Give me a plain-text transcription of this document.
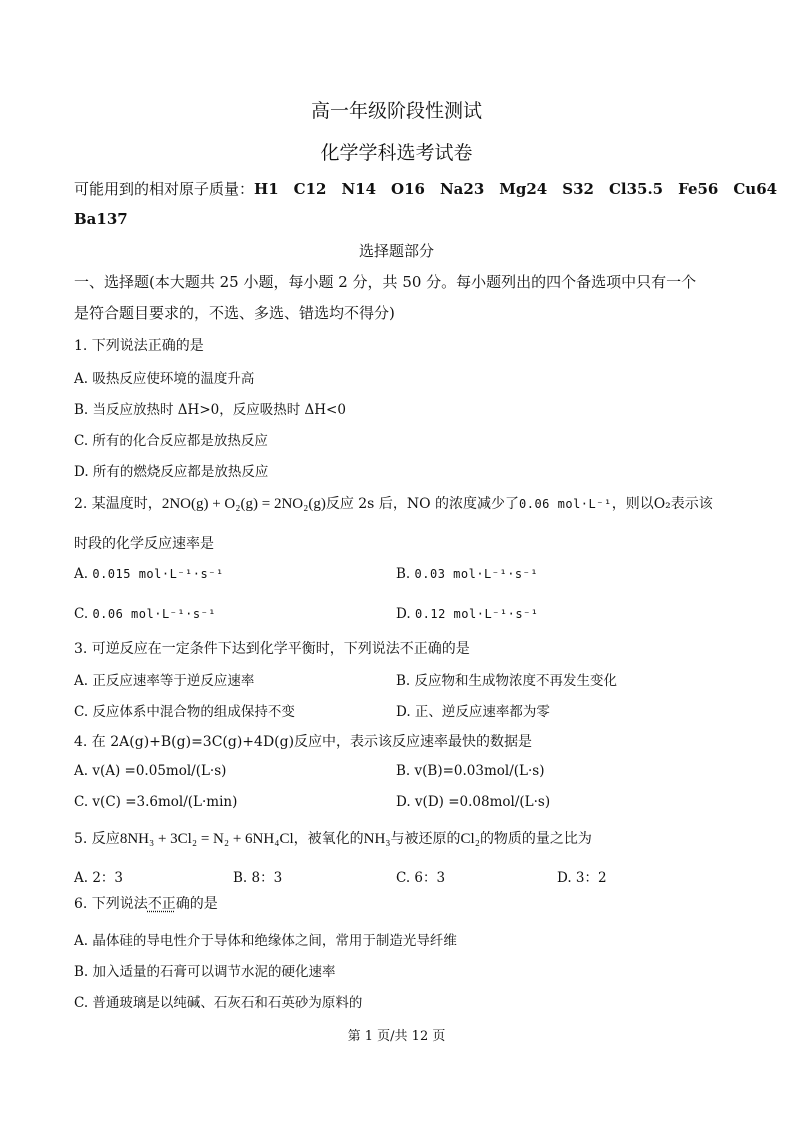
高一年级阶段性测试
化学学科选考试卷
可能用到的相对原子质量：H1　C12　N14　O16　Na23　Mg24　S32　Cl35.5　Fe56　Cu64
Ba137
选择题部分
一、选择题(本大题共 25 小题，每小题 2 分，共 50 分。每小题列出的四个备选项中只有一个
是符合题目要求的，不选、多选、错选均不得分)
1. 下列说法正确的是
A. 吸热反应使环境的温度升高
B. 当反应放热时 ΔH>0，反应吸热时 ΔH<0
C. 所有的化合反应都是放热反应
D. 所有的燃烧反应都是放热反应
2. 某温度时，2NO(g) + O₂(g) = 2NO₂(g)反应 2s 后，NO 的浓度减少了0.06 mol·L⁻¹，则以O₂表示该
时段的化学反应速率是
A. 0.015 mol·L⁻¹·s⁻¹	B. 0.03 mol·L⁻¹·s⁻¹
C. 0.06 mol·L⁻¹·s⁻¹	D. 0.12 mol·L⁻¹·s⁻¹
3. 可逆反应在一定条件下达到化学平衡时，下列说法不正确的是
A. 正反应速率等于逆反应速率	B. 反应物和生成物浓度不再发生变化
C. 反应体系中混合物的组成保持不变	D. 正、逆反应速率都为零
4. 在 2A(g)+B(g)=3C(g)+4D(g)反应中，表示该反应速率最快的数据是
A. v(A) =0.05mol/(L·s)	B. v(B)=0.03mol/(L·s)
C. v(C) =3.6mol/(L·min)	D. v(D) =0.08mol/(L·s)
5. 反应8NH₃ + 3Cl₂ = N₂ + 6NH₄Cl，被氧化的NH₃与被还原的Cl₂的物质的量之比为
A. 2：3	B. 8：3	C. 6：3	D. 3：2
6. 下列说法不正确的是
A. 晶体硅的导电性介于导体和绝缘体之间，常用于制造光导纤维
B. 加入适量的石膏可以调节水泥的硬化速率
C. 普通玻璃是以纯碱、石灰石和石英砂为原料的
第 1 页/共 12 页
